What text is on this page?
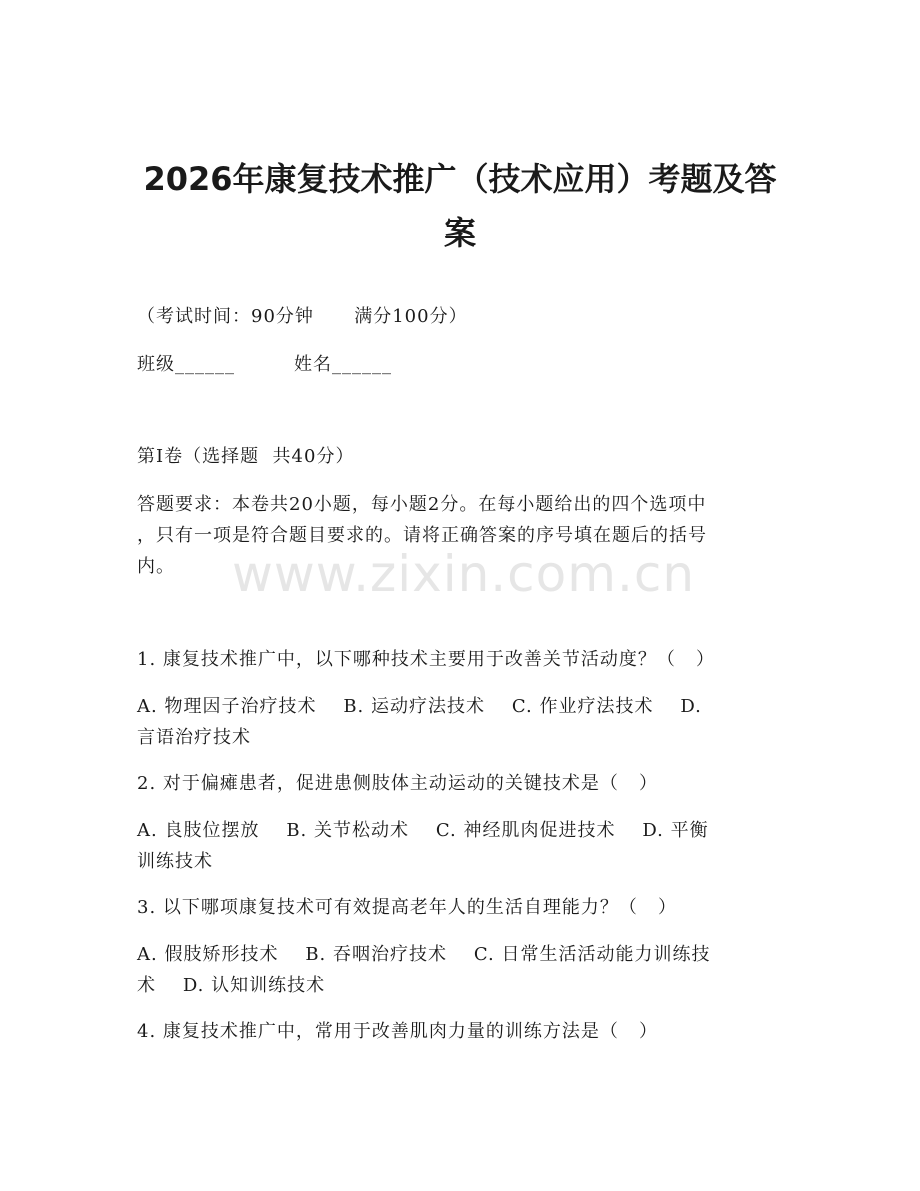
2026年康复技术推广（技术应用）考题及答
案
（考试时间：90分钟      满分100分）
班级______	姓名______
第I卷（选择题  共40分）
答题要求：本卷共20小题，每小题2分。在每小题给出的四个选项中
，只有一项是符合题目要求的。请将正确答案的序号填在题后的括号
内。 www.zixin.com.cn
1. 康复技术推广中，以下哪种技术主要用于改善关节活动度？（   ）
A. 物理因子治疗技术    B. 运动疗法技术    C. 作业疗法技术    D.
言语治疗技术
2. 对于偏瘫患者，促进患侧肢体主动运动的关键技术是（   ）
A. 良肢位摆放    B. 关节松动术    C. 神经肌肉促进技术    D. 平衡
训练技术
3. 以下哪项康复技术可有效提高老年人的生活自理能力？（   ）
A. 假肢矫形技术    B. 吞咽治疗技术    C. 日常生活活动能力训练技
术    D. 认知训练技术
4. 康复技术推广中，常用于改善肌肉力量的训练方法是（   ）
